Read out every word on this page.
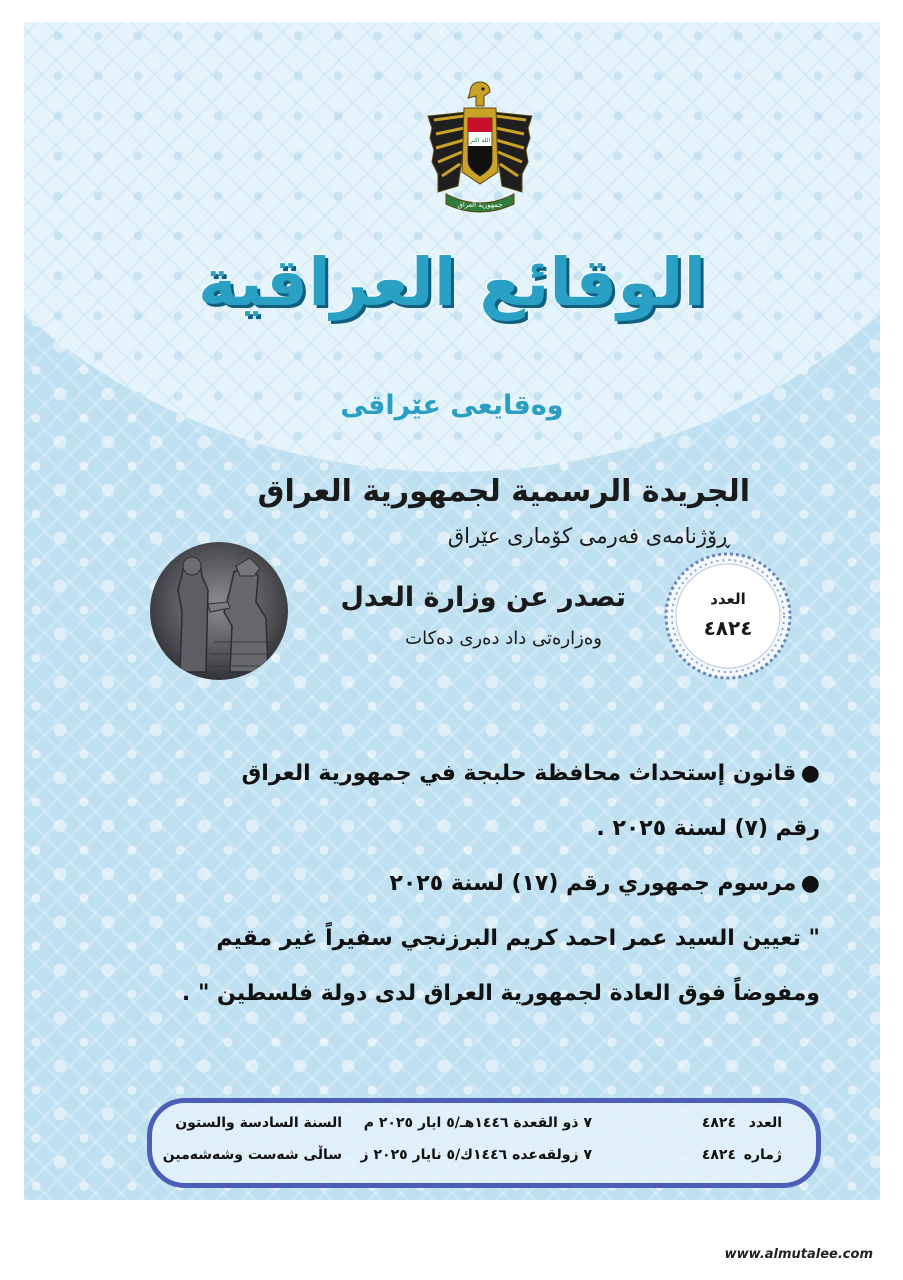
الله اكبر
جمهورية العراق
الوقائع العراقية
وەقایعی عێراقی
الجريدة الرسمية لجمهورية العراق
ڕۆژنامەی فەرمی کۆماری عێراق
تصدر عن وزارة العدل
وەزارەتی داد دەری دەکات
العدد
٤٨٢٤

● قانون إستحداث محافظة حلبجة في جمهورية العراق

رقم (٧) لسنة ٢٠٢٥ .

● مرسوم جمهوري رقم (١٧) لسنة ٢٠٢٥

" تعيين السيد عمر احمد كريم البرزنجي سفيراً غير مقيم

ومفوضاً فوق العادة لجمهورية العراق لدى دولة فلسطين " .

العدد
٤٨٢٤
٧ ذو القعدة ١٤٤٦هـ/٥ ايار ٢٠٢٥ م
السنة السادسة والستون
ژماره
٤٨٢٤
٧ زولقەعدە ١٤٤٦ك/٥ نایار ٢٠٢٥ ز
ساڵی شەست وشەشەمین
www.almutalee.com
